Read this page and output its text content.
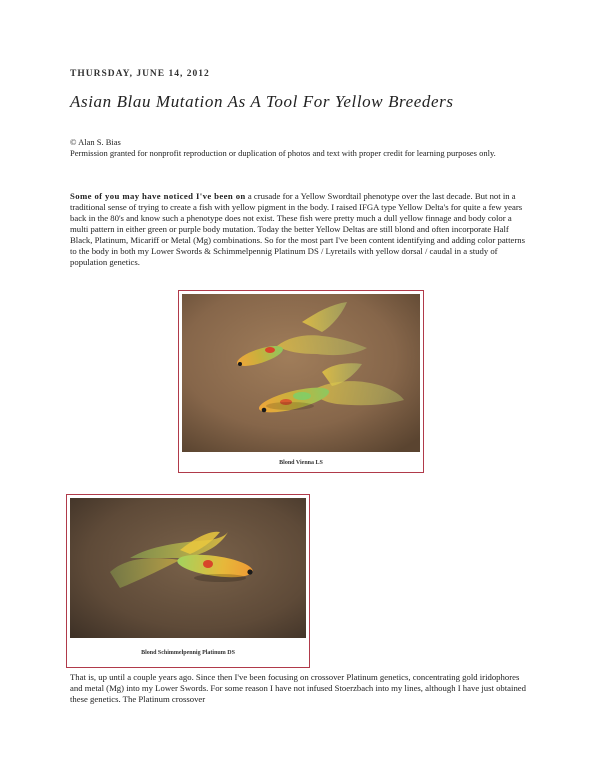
THURSDAY, JUNE 14, 2012
Asian Blau Mutation As A Tool For Yellow Breeders
© Alan S. Bias
Permission granted for nonprofit reproduction or duplication of photos and text with proper credit for learning purposes only.
Some of you may have noticed I've been on a crusade for a Yellow Swordtail phenotype over the last decade. But not in a traditional sense of trying to create a fish with yellow pigment in the body. I raised IFGA type Yellow Delta's for quite a few years back in the 80's and know such a phenotype does not exist. These fish were pretty much a dull yellow finnage and body color a multi pattern in either green or purple body mutation. Today the better Yellow Deltas are still blond and often incorporate Half Black, Platinum, Micariff or Metal (Mg) combinations. So for the most part I've been content identifying and adding color patterns to the body in both my Lower Swords & Schimmelpennig Platinum DS / Lyretails with yellow dorsal / caudal in a study of population genetics.
Blond Vienna LS
Blond Schimmelpennig Platinum DS
That is, up until a couple years ago. Since then I've been focusing on crossover Platinum genetics, concentrating gold iridophores and metal (Mg) into my Lower Swords. For some reason I have not infused Stoerzbach into my lines, although I have just obtained these genetics. The Platinum crossover
